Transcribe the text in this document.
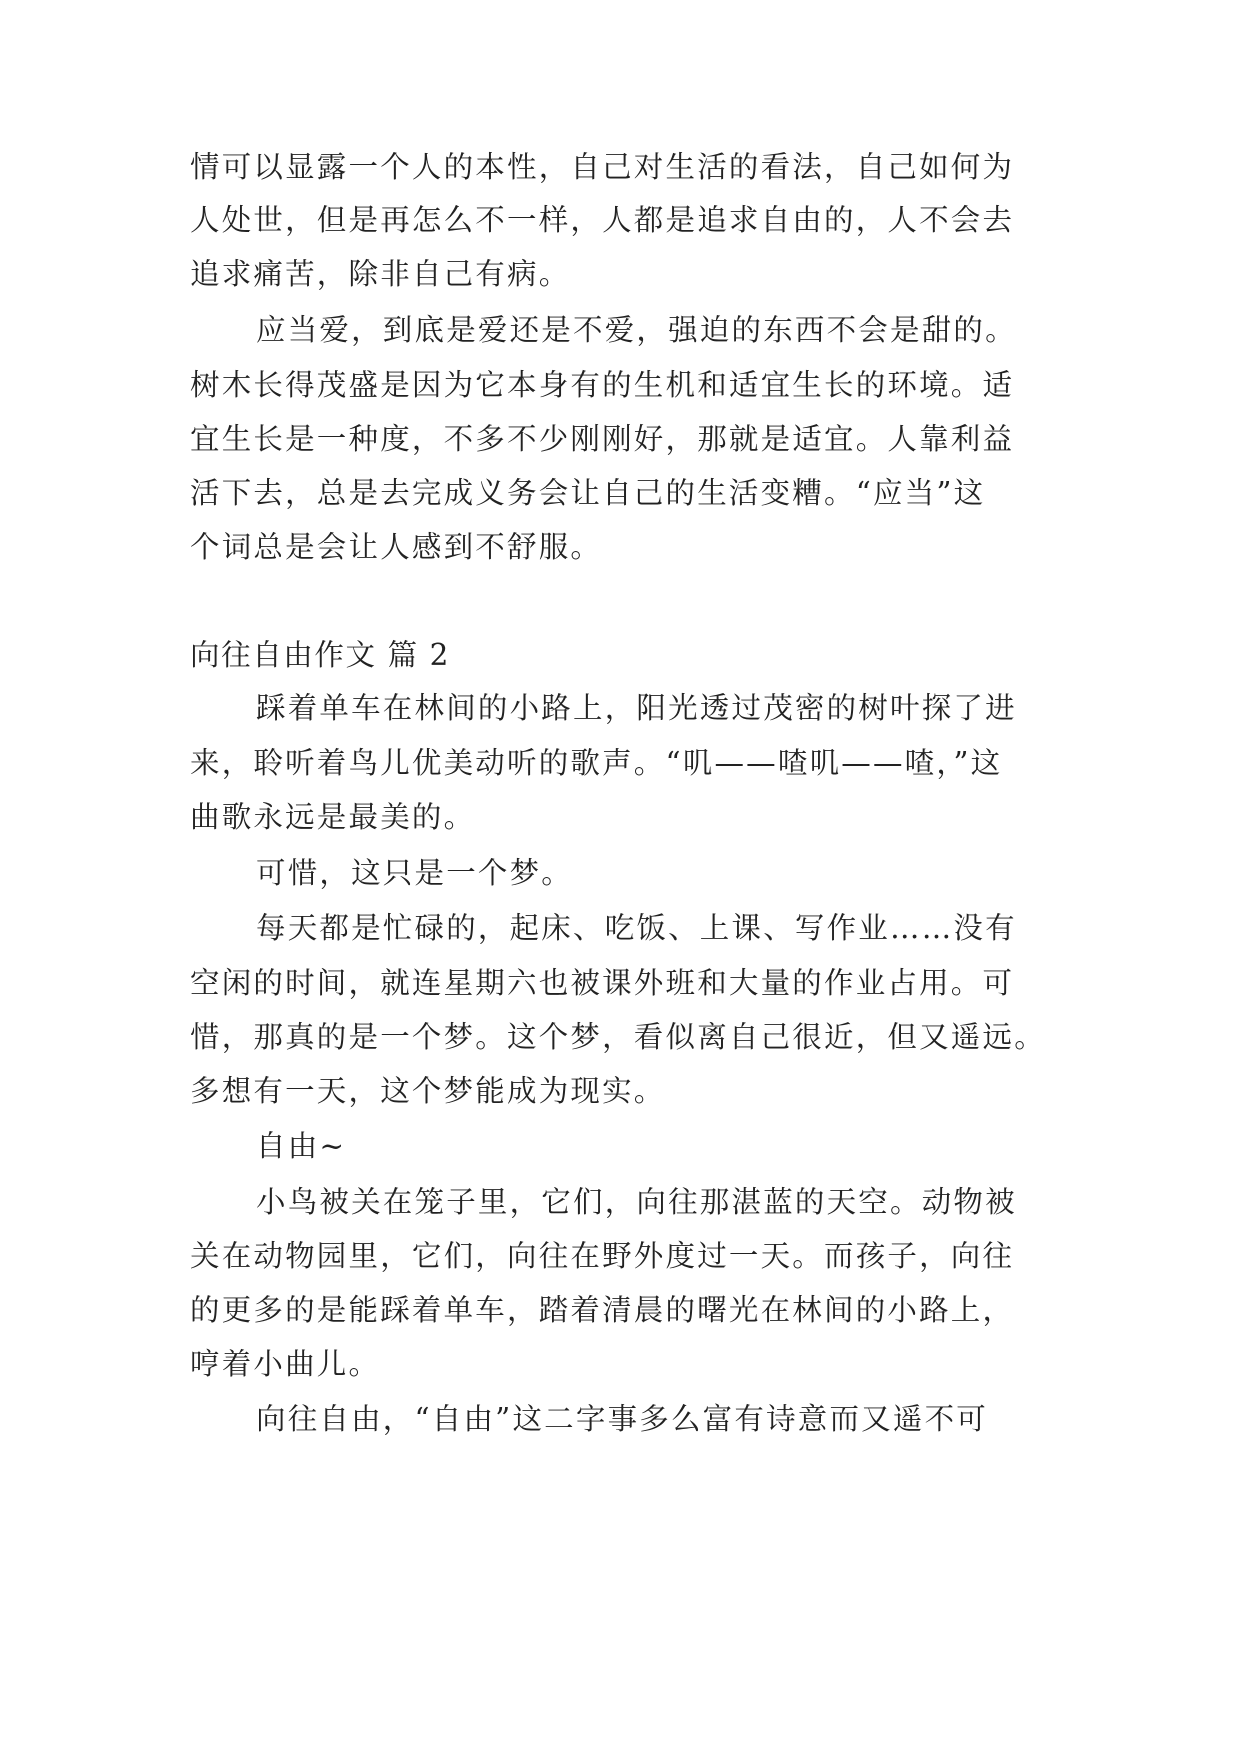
情可以显露一个人的本性，自己对生活的看法，自己如何为

人处世，但是再怎么不一样，人都是追求自由的，人不会去

追求痛苦，除非自己有病。

应当爱，到底是爱还是不爱，强迫的东西不会是甜的。

树木长得茂盛是因为它本身有的生机和适宜生长的环境。适

宜生长是一种度，不多不少刚刚好，那就是适宜。人靠利益

活下去，总是去完成义务会让自己的生活变糟。“应当”这

个词总是会让人感到不舒服。

向往自由作文 篇 2

踩着单车在林间的小路上，阳光透过茂密的树叶探了进

来，聆听着鸟儿优美动听的歌声。“叽——喳叽——喳，”这

曲歌永远是最美的。

可惜，这只是一个梦。

每天都是忙碌的，起床、吃饭、上课、写作业……没有

空闲的时间，就连星期六也被课外班和大量的作业占用。可

惜，那真的是一个梦。这个梦，看似离自己很近，但又遥远。

多想有一天，这个梦能成为现实。

自由~

小鸟被关在笼子里，它们，向往那湛蓝的天空。动物被

关在动物园里，它们，向往在野外度过一天。而孩子，向往

的更多的是能踩着单车，踏着清晨的曙光在林间的小路上，

哼着小曲儿。

向往自由，“自由”这二字事多么富有诗意而又遥不可
